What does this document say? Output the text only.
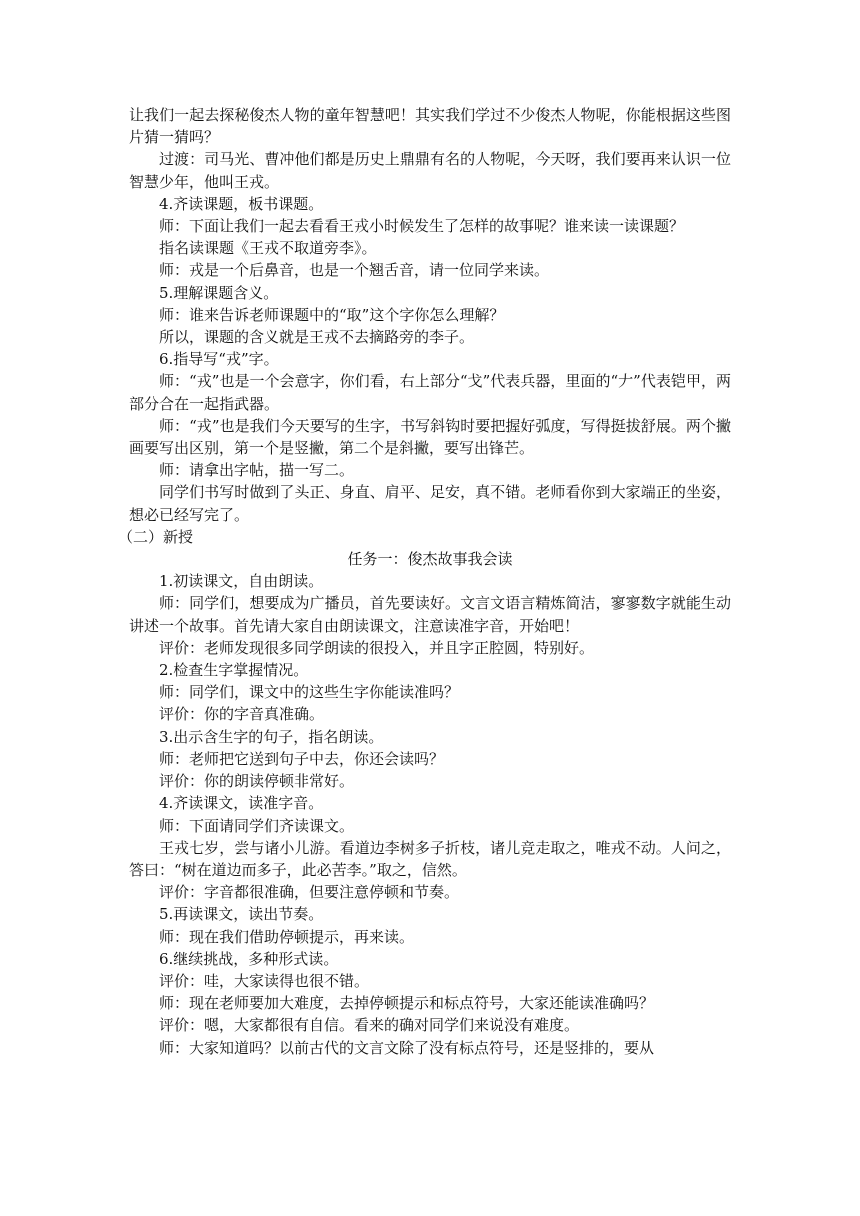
让我们一起去探秘俊杰人物的童年智慧吧！其实我们学过不少俊杰人物呢，你能根据这些图片猜一猜吗？

过渡：司马光、曹冲他们都是历史上鼎鼎有名的人物呢，今天呀，我们要再来认识一位智慧少年，他叫王戎。

4.齐读课题，板书课题。

师：下面让我们一起去看看王戎小时候发生了怎样的故事呢？谁来读一读课题？

指名读课题《王戎不取道旁李》。

师：戎是一个后鼻音，也是一个翘舌音，请一位同学来读。

5.理解课题含义。

师：谁来告诉老师课题中的“取”这个字你怎么理解？

所以，课题的含义就是王戎不去摘路旁的李子。

6.指导写“戎”字。

师：“戎”也是一个会意字，你们看，右上部分“戈”代表兵器，里面的“𠂇”代表铠甲，两部分合在一起指武器。

师：“戎”也是我们今天要写的生字，书写斜钩时要把握好弧度，写得挺拔舒展。两个撇画要写出区别，第一个是竖撇，第二个是斜撇，要写出锋芒。

师：请拿出字帖，描一写二。

同学们书写时做到了头正、身直、肩平、足安，真不错。老师看你到大家端正的坐姿，想必已经写完了。

（二）新授

任务一：俊杰故事我会读

1.初读课文，自由朗读。

师：同学们，想要成为广播员，首先要读好。文言文语言精炼简洁，寥寥数字就能生动讲述一个故事。首先请大家自由朗读课文，注意读准字音，开始吧！

评价：老师发现很多同学朗读的很投入，并且字正腔圆，特别好。

2.检查生字掌握情况。

师：同学们，课文中的这些生字你能读准吗？

评价：你的字音真准确。

3.出示含生字的句子，指名朗读。

师：老师把它送到句子中去，你还会读吗？

评价：你的朗读停顿非常好。

4.齐读课文，读准字音。

师：下面请同学们齐读课文。

王戎七岁，尝与诸小儿游。看道边李树多子折枝，诸儿竞走取之，唯戎不动。人问之，答曰：“树在道边而多子，此必苦李。”取之，信然。

评价：字音都很准确，但要注意停顿和节奏。

5.再读课文，读出节奏。

师：现在我们借助停顿提示，再来读。

6.继续挑战，多种形式读。

评价：哇，大家读得也很不错。

师：现在老师要加大难度，去掉停顿提示和标点符号，大家还能读准确吗？

评价：嗯，大家都很有自信。看来的确对同学们来说没有难度。

师：大家知道吗？以前古代的文言文除了没有标点符号，还是竖排的，要从
